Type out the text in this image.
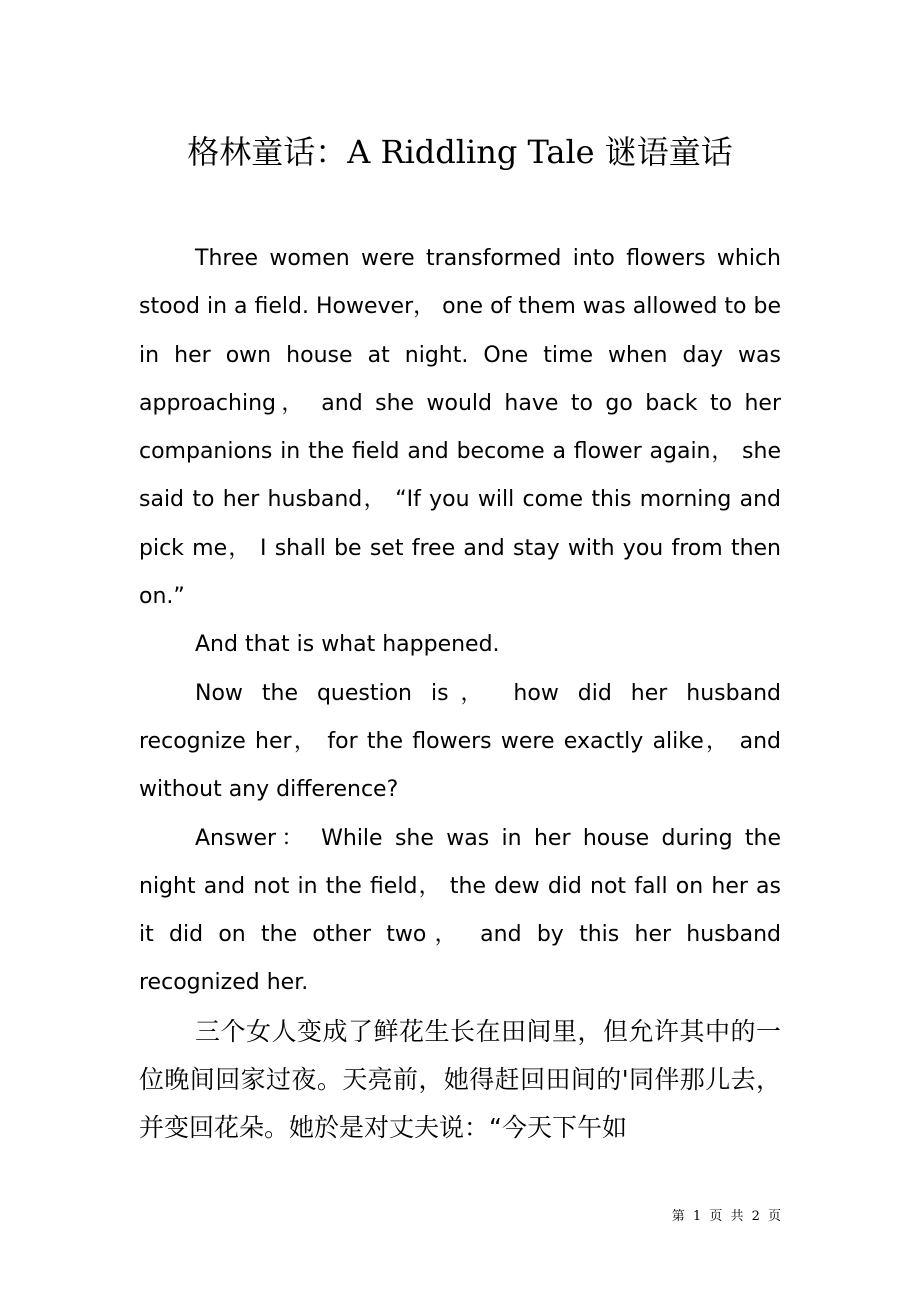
格林童话：A Riddling Tale 谜语童话

Three women were transformed into flowers which stood in a field. However， one of them was allowed to be in her own house at night. One time when day was approaching， and she would have to go back to her companions in the field and become a flower again， she said to her husband， “If you will come this morning and pick me， I shall be set free and stay with you from then on.”

And that is what happened.

Now the question is， how did her husband recognize her， for the flowers were exactly alike， and without any difference?

Answer： While she was in her house during the night and not in the field， the dew did not fall on her as it did on the other two， and by this her husband recognized her.

三个女人变成了鲜花生长在田间里，但允许其中的一位晚间回家过夜。天亮前，她得赶回田间的'同伴那儿去，并变回花朵。她於是对丈夫说：“今天下午如

第 1 页 共 2 页
